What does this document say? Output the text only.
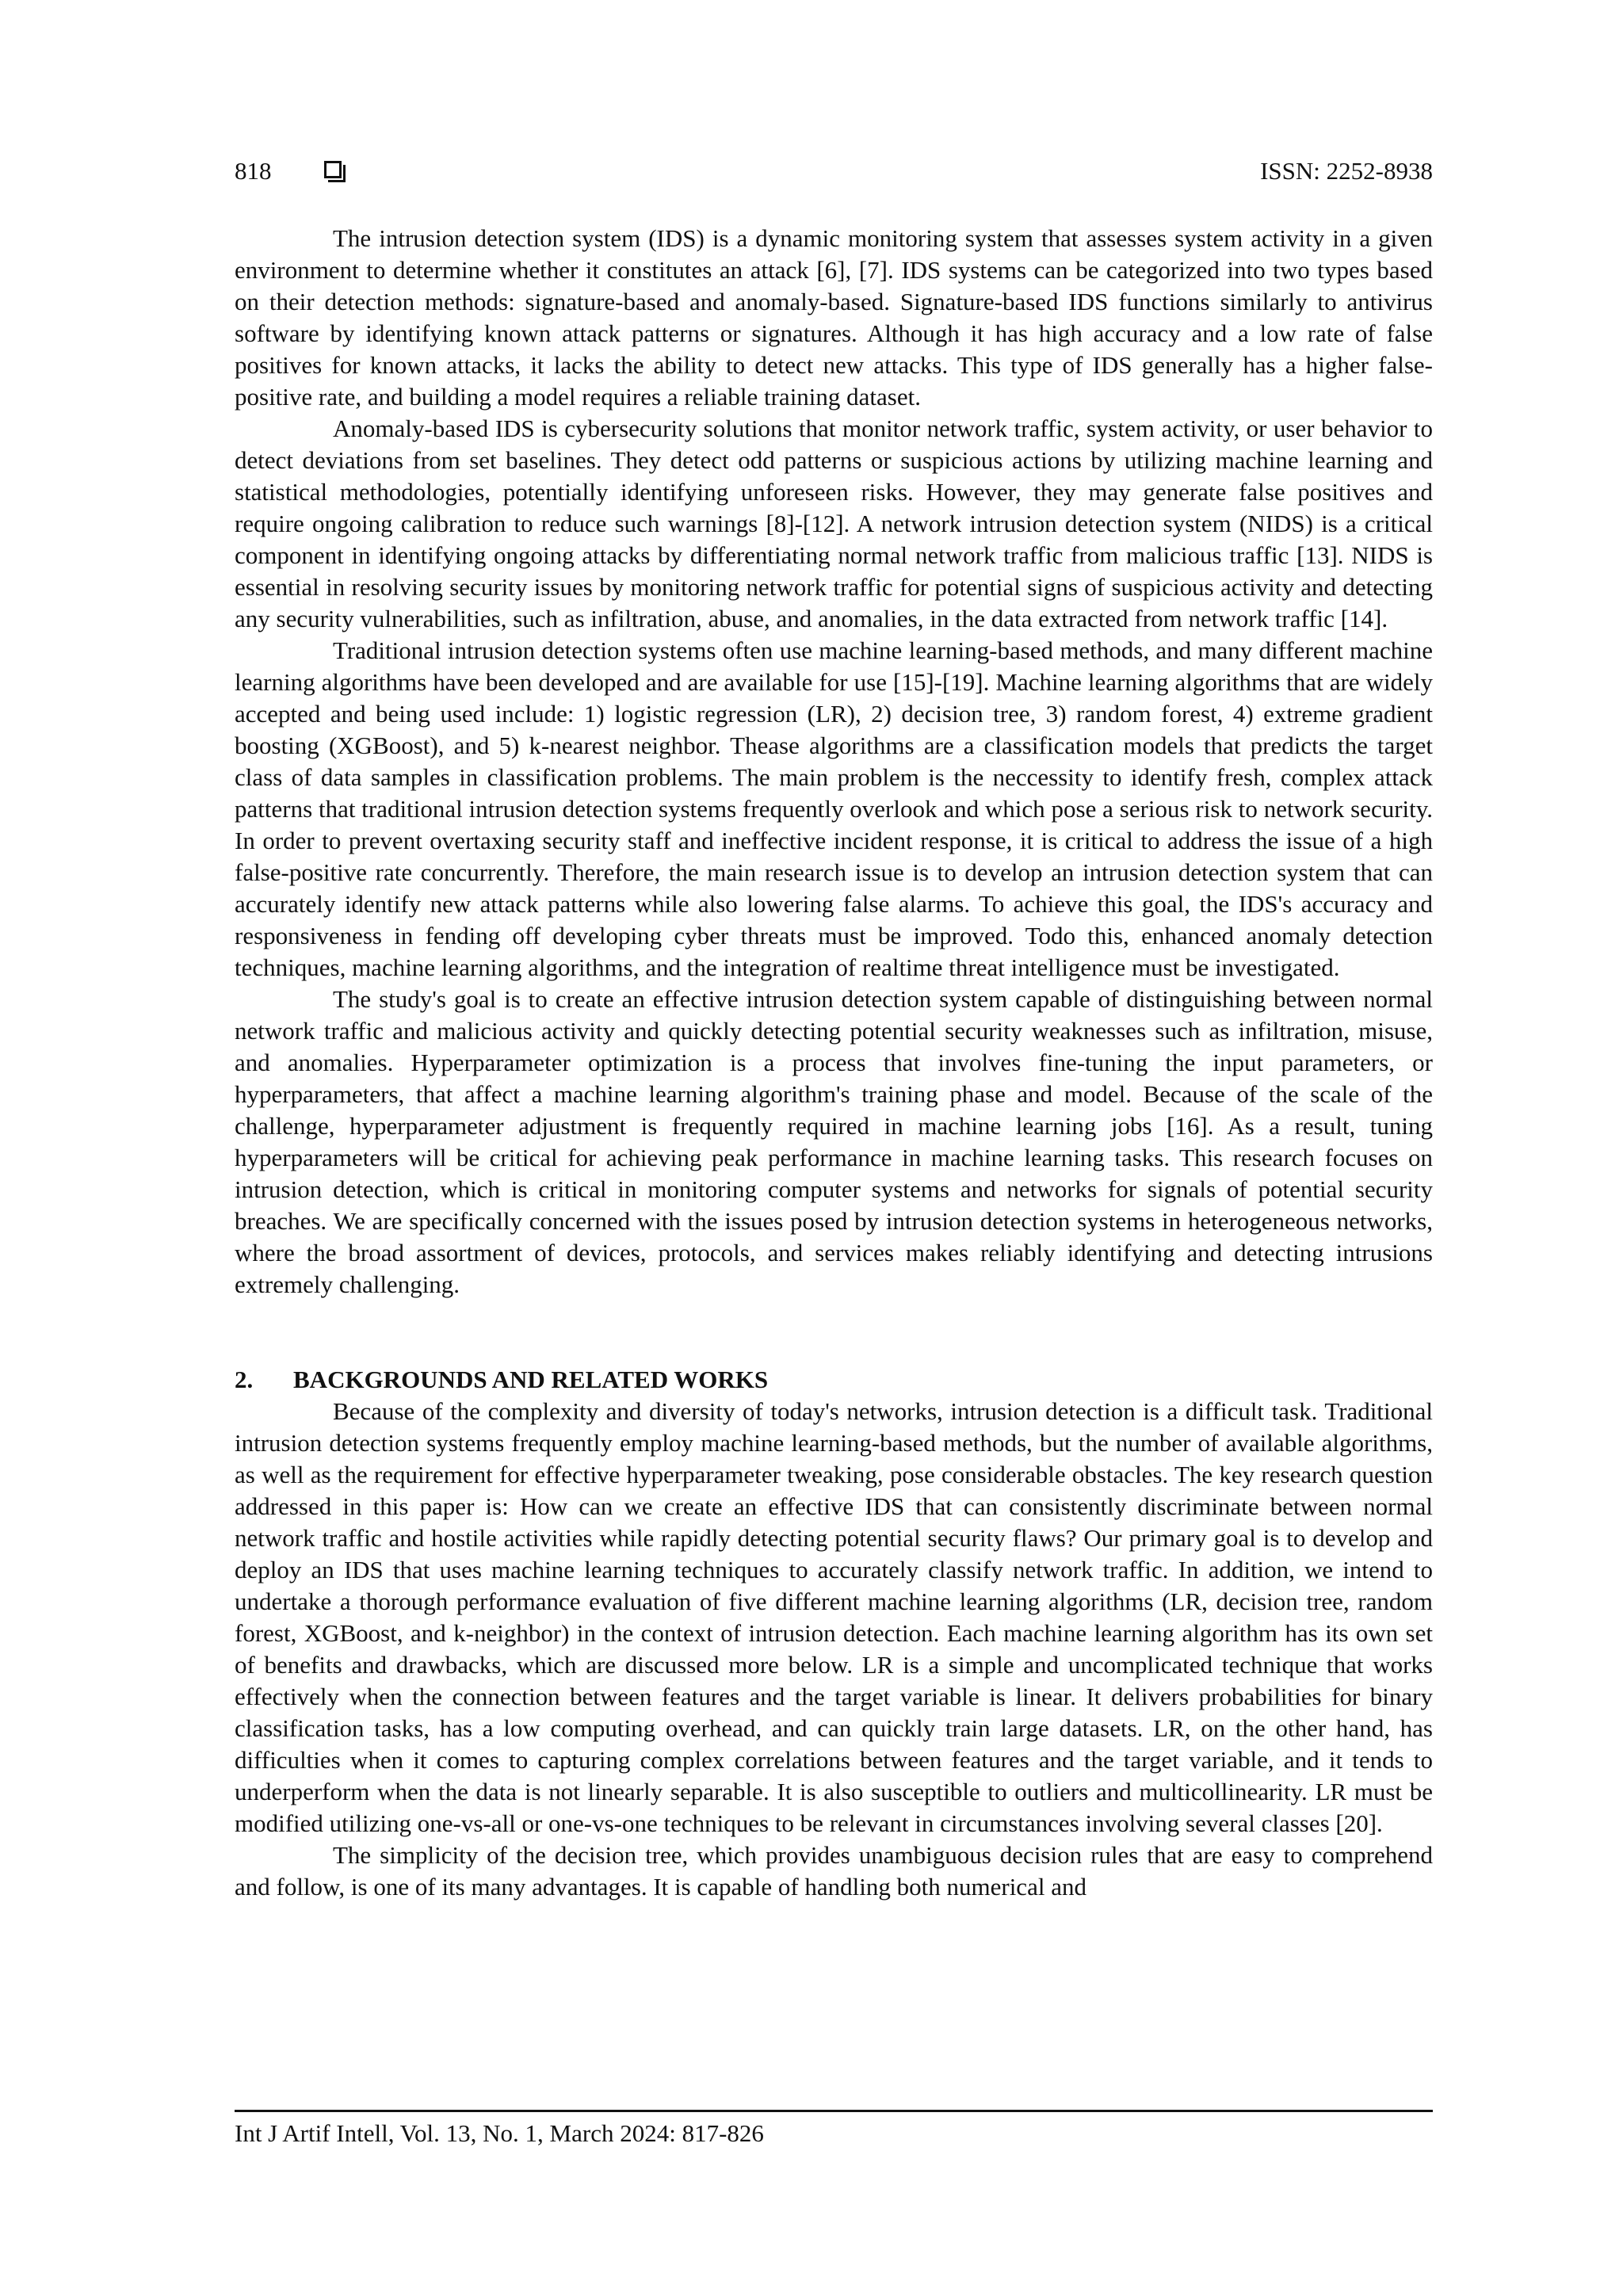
818	ISSN: 2252-8938

The intrusion detection system (IDS) is a dynamic monitoring system that assesses system activity in a given environment to determine whether it constitutes an attack [6], [7]. IDS systems can be categorized into two types based on their detection methods: signature-based and anomaly-based. Signature-based IDS functions similarly to antivirus software by identifying known attack patterns or signatures. Although it has high accuracy and a low rate of false positives for known attacks, it lacks the ability to detect new attacks. This type of IDS generally has a higher false-positive rate, and building a model requires a reliable training dataset.

Anomaly-based IDS is cybersecurity solutions that monitor network traffic, system activity, or user behavior to detect deviations from set baselines. They detect odd patterns or suspicious actions by utilizing machine learning and statistical methodologies, potentially identifying unforeseen risks. However, they may generate false positives and require ongoing calibration to reduce such warnings [8]-[12]. A network intrusion detection system (NIDS) is a critical component in identifying ongoing attacks by differentiating normal network traffic from malicious traffic [13]. NIDS is essential in resolving security issues by monitoring network traffic for potential signs of suspicious activity and detecting any security vulnerabilities, such as infiltration, abuse, and anomalies, in the data extracted from network traffic [14].

Traditional intrusion detection systems often use machine learning-based methods, and many different machine learning algorithms have been developed and are available for use [15]-[19]. Machine learning algorithms that are widely accepted and being used include: 1) logistic regression (LR), 2) decision tree, 3) random forest, 4) extreme gradient boosting (XGBoost), and 5) k-nearest neighbor. Thease algorithms are a classification models that predicts the target class of data samples in classification problems. The main problem is the neccessity to identify fresh, complex attack patterns that traditional intrusion detection systems frequently overlook and which pose a serious risk to network security. In order to prevent overtaxing security staff and ineffective incident response, it is critical to address the issue of a high false-positive rate concurrently. Therefore, the main research issue is to develop an intrusion detection system that can accurately identify new attack patterns while also lowering false alarms. To achieve this goal, the IDS's accuracy and responsiveness in fending off developing cyber threats must be improved. Todo this, enhanced anomaly detection techniques, machine learning algorithms, and the integration of realtime threat intelligence must be investigated.

The study's goal is to create an effective intrusion detection system capable of distinguishing between normal network traffic and malicious activity and quickly detecting potential security weaknesses such as infiltration, misuse, and anomalies. Hyperparameter optimization is a process that involves fine-tuning the input parameters, or hyperparameters, that affect a machine learning algorithm's training phase and model. Because of the scale of the challenge, hyperparameter adjustment is frequently required in machine learning jobs [16]. As a result, tuning hyperparameters will be critical for achieving peak performance in machine learning tasks. This research focuses on intrusion detection, which is critical in monitoring computer systems and networks for signals of potential security breaches. We are specifically concerned with the issues posed by intrusion detection systems in heterogeneous networks, where the broad assortment of devices, protocols, and services makes reliably identifying and detecting intrusions extremely challenging.

2. BACKGROUNDS AND RELATED WORKS

Because of the complexity and diversity of today's networks, intrusion detection is a difficult task. Traditional intrusion detection systems frequently employ machine learning-based methods, but the number of available algorithms, as well as the requirement for effective hyperparameter tweaking, pose considerable obstacles. The key research question addressed in this paper is: How can we create an effective IDS that can consistently discriminate between normal network traffic and hostile activities while rapidly detecting potential security flaws? Our primary goal is to develop and deploy an IDS that uses machine learning techniques to accurately classify network traffic. In addition, we intend to undertake a thorough performance evaluation of five different machine learning algorithms (LR, decision tree, random forest, XGBoost, and k-neighbor) in the context of intrusion detection. Each machine learning algorithm has its own set of benefits and drawbacks, which are discussed more below. LR is a simple and uncomplicated technique that works effectively when the connection between features and the target variable is linear. It delivers probabilities for binary classification tasks, has a low computing overhead, and can quickly train large datasets. LR, on the other hand, has difficulties when it comes to capturing complex correlations between features and the target variable, and it tends to underperform when the data is not linearly separable. It is also susceptible to outliers and multicollinearity. LR must be modified utilizing one-vs-all or one-vs-one techniques to be relevant in circumstances involving several classes [20].

The simplicity of the decision tree, which provides unambiguous decision rules that are easy to comprehend and follow, is one of its many advantages. It is capable of handling both numerical and

Int J Artif Intell, Vol. 13, No. 1, March 2024: 817-826
